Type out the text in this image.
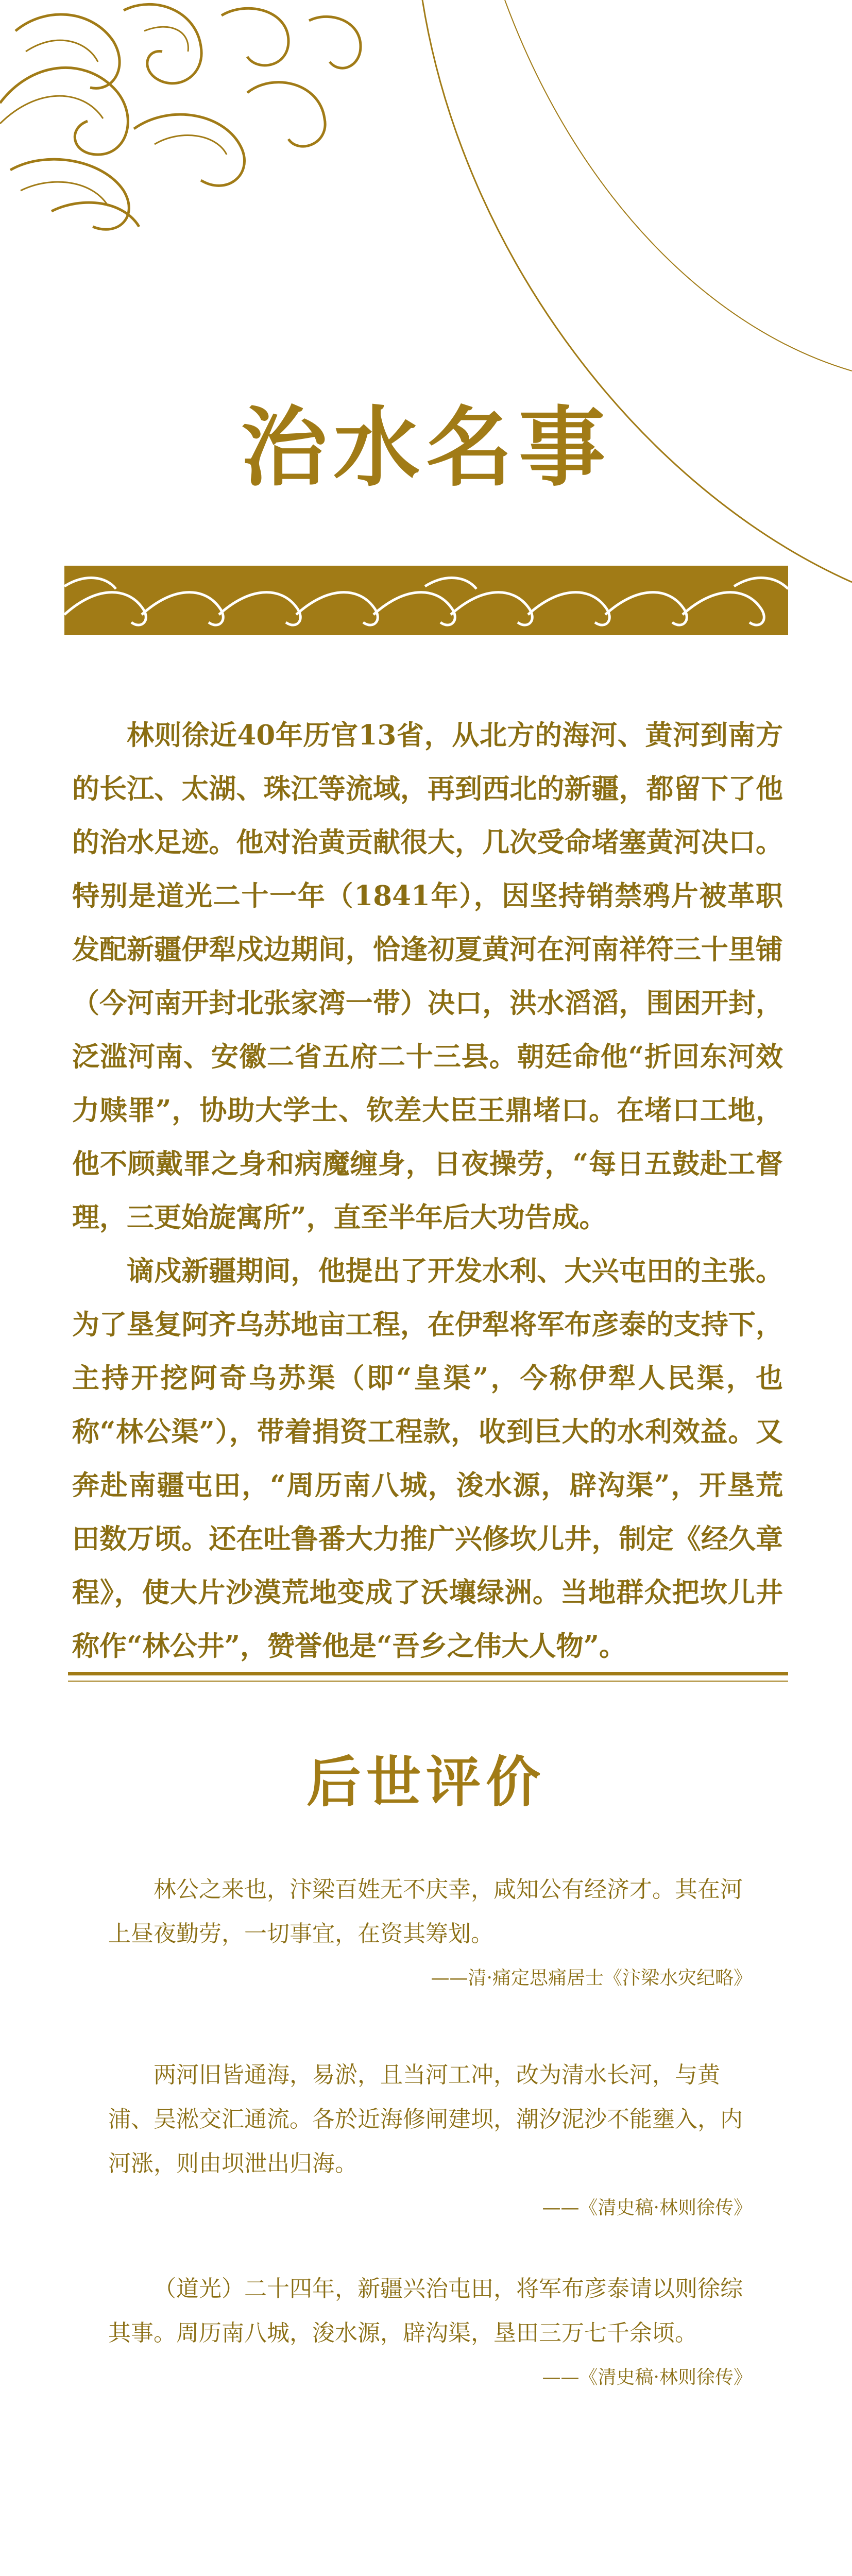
治水名事

林则徐近40年历官13省，从北方的海河、黄河到南方的长江、太湖、珠江等流域，再到西北的新疆，都留下了他的治水足迹。他对治黄贡献很大，几次受命堵塞黄河决口。特别是道光二十一年（1841年），因坚持销禁鸦片被革职发配新疆伊犁戍边期间，恰逢初夏黄河在河南祥符三十里铺（今河南开封北张家湾一带）决口，洪水滔滔，围困开封，泛滥河南、安徽二省五府二十三县。朝廷命他“折回东河效力赎罪”，协助大学士、钦差大臣王鼎堵口。在堵口工地，他不顾戴罪之身和病魔缠身，日夜操劳，“每日五鼓赴工督理，三更始旋寓所”，直至半年后大功告成。

谪戍新疆期间，他提出了开发水利、大兴屯田的主张。为了垦复阿齐乌苏地亩工程，在伊犁将军布彦泰的支持下，主持开挖阿奇乌苏渠（即“皇渠”，今称伊犁人民渠，也称“林公渠”），带着捐资工程款，收到巨大的水利效益。又奔赴南疆屯田，“周历南八城，浚水源，辟沟渠”，开垦荒田数万顷。还在吐鲁番大力推广兴修坎儿井，制定《经久章程》，使大片沙漠荒地变成了沃壤绿洲。当地群众把坎儿井称作“林公井”，赞誉他是“吾乡之伟大人物”。

后世评价

林公之来也，汴梁百姓无不庆幸，咸知公有经济才。其在河上昼夜勤劳，一切事宜，在资其筹划。

——清·痛定思痛居士《汴梁水灾纪略》

两河旧皆通海，易淤，且当河工冲，改为清水长河，与黄浦、吴淞交汇通流。各於近海修闸建坝，潮汐泥沙不能壅入，内河涨，则由坝泄出归海。

——《清史稿·林则徐传》

（道光）二十四年，新疆兴治屯田，将军布彦泰请以则徐综其事。周历南八城，浚水源，辟沟渠，垦田三万七千余顷。

——《清史稿·林则徐传》
